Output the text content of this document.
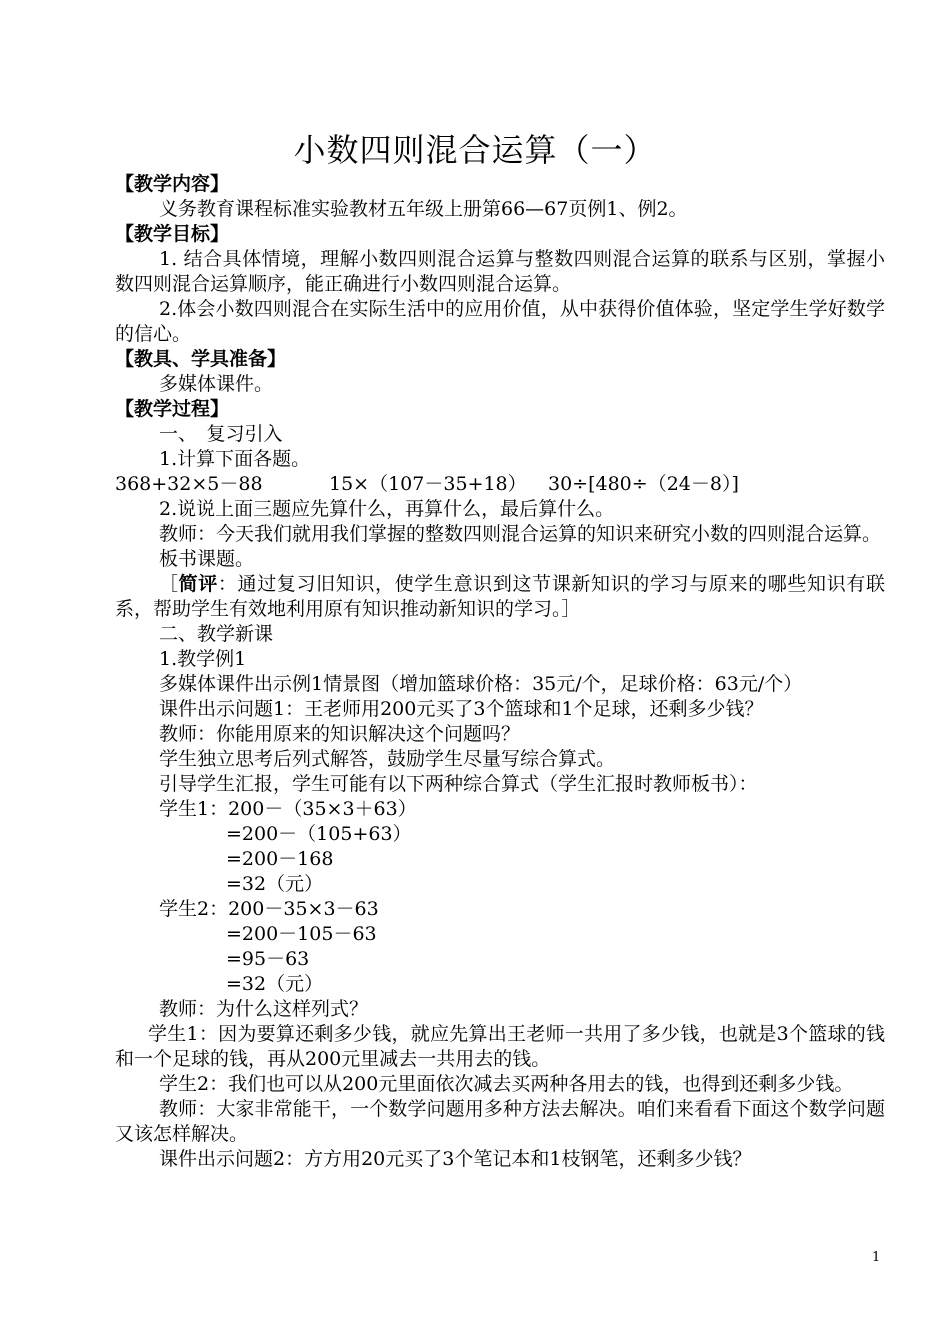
小数四则混合运算（一）

【教学内容】

义务教育课程标准实验教材五年级上册第66—67页例1、例2。

【教学目标】

1. 结合具体情境，理解小数四则混合运算与整数四则混合运算的联系与区别，掌握小数四则混合运算顺序，能正确进行小数四则混合运算。

2.体会小数四则混合在实际生活中的应用价值，从中获得价值体验，坚定学生学好数学的信心。

【教具、学具准备】

多媒体课件。

【教学过程】

一、　复习引入

1.计算下面各题。

368+32×5－88	15×（107－35+18） 30÷[480÷（24－8）]

2.说说上面三题应先算什么，再算什么，最后算什么。

教师：今天我们就用我们掌握的整数四则混合运算的知识来研究小数的四则混合运算。

板书课题。

［简评：通过复习旧知识，使学生意识到这节课新知识的学习与原来的哪些知识有联系，帮助学生有效地利用原有知识推动新知识的学习。］

二、教学新课

1.教学例1

多媒体课件出示例1情景图（增加篮球价格：35元/个，足球价格：63元/个）

课件出示问题1：王老师用200元买了3个篮球和1个足球，还剩多少钱？

教师：你能用原来的知识解决这个问题吗？

学生独立思考后列式解答，鼓励学生尽量写综合算式。

引导学生汇报，学生可能有以下两种综合算式（学生汇报时教师板书）：

学生1：200－（35×3＋63）

=200－（105+63）

=200－168

=32（元）

学生2：200－35×3－63

=200－105－63

=95－63

=32（元）

教师：为什么这样列式？

学生1：因为要算还剩多少钱，就应先算出王老师一共用了多少钱，也就是3个篮球的钱和一个足球的钱，再从200元里减去一共用去的钱。

学生2：我们也可以从200元里面依次减去买两种各用去的钱，也得到还剩多少钱。

教师：大家非常能干，一个数学问题用多种方法去解决。咱们来看看下面这个数学问题又该怎样解决。

课件出示问题2：方方用20元买了3个笔记本和1枝钢笔，还剩多少钱？

1
